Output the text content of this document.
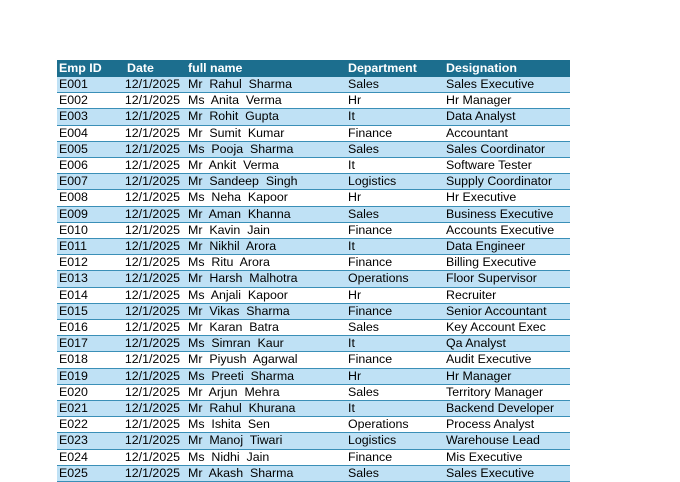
Emp ID	Date	full name	Department	Designation
E001	12/1/2025	Mr  Rahul  Sharma	Sales	Sales Executive
E002	12/1/2025	Ms  Anita  Verma	Hr	Hr Manager
E003	12/1/2025	Mr  Rohit  Gupta	It	Data Analyst
E004	12/1/2025	Mr  Sumit  Kumar	Finance	Accountant
E005	12/1/2025	Ms  Pooja  Sharma	Sales	Sales Coordinator
E006	12/1/2025	Mr  Ankit  Verma	It	Software Tester
E007	12/1/2025	Mr  Sandeep  Singh	Logistics	Supply Coordinator
E008	12/1/2025	Ms  Neha  Kapoor	Hr	Hr Executive
E009	12/1/2025	Mr  Aman  Khanna	Sales	Business Executive
E010	12/1/2025	Mr  Kavin  Jain	Finance	Accounts Executive
E011	12/1/2025	Mr  Nikhil  Arora	It	Data Engineer
E012	12/1/2025	Ms  Ritu  Arora	Finance	Billing Executive
E013	12/1/2025	Mr  Harsh  Malhotra	Operations	Floor Supervisor
E014	12/1/2025	Ms  Anjali  Kapoor	Hr	Recruiter
E015	12/1/2025	Mr  Vikas  Sharma	Finance	Senior Accountant
E016	12/1/2025	Mr  Karan  Batra	Sales	Key Account Exec
E017	12/1/2025	Ms  Simran  Kaur	It	Qa Analyst
E018	12/1/2025	Mr  Piyush  Agarwal	Finance	Audit Executive
E019	12/1/2025	Ms  Preeti  Sharma	Hr	Hr Manager
E020	12/1/2025	Mr  Arjun  Mehra	Sales	Territory Manager
E021	12/1/2025	Mr  Rahul  Khurana	It	Backend Developer
E022	12/1/2025	Ms  Ishita  Sen	Operations	Process Analyst
E023	12/1/2025	Mr  Manoj  Tiwari	Logistics	Warehouse Lead
E024	12/1/2025	Ms  Nidhi  Jain	Finance	Mis Executive
E025	12/1/2025	Mr  Akash  Sharma	Sales	Sales Executive
